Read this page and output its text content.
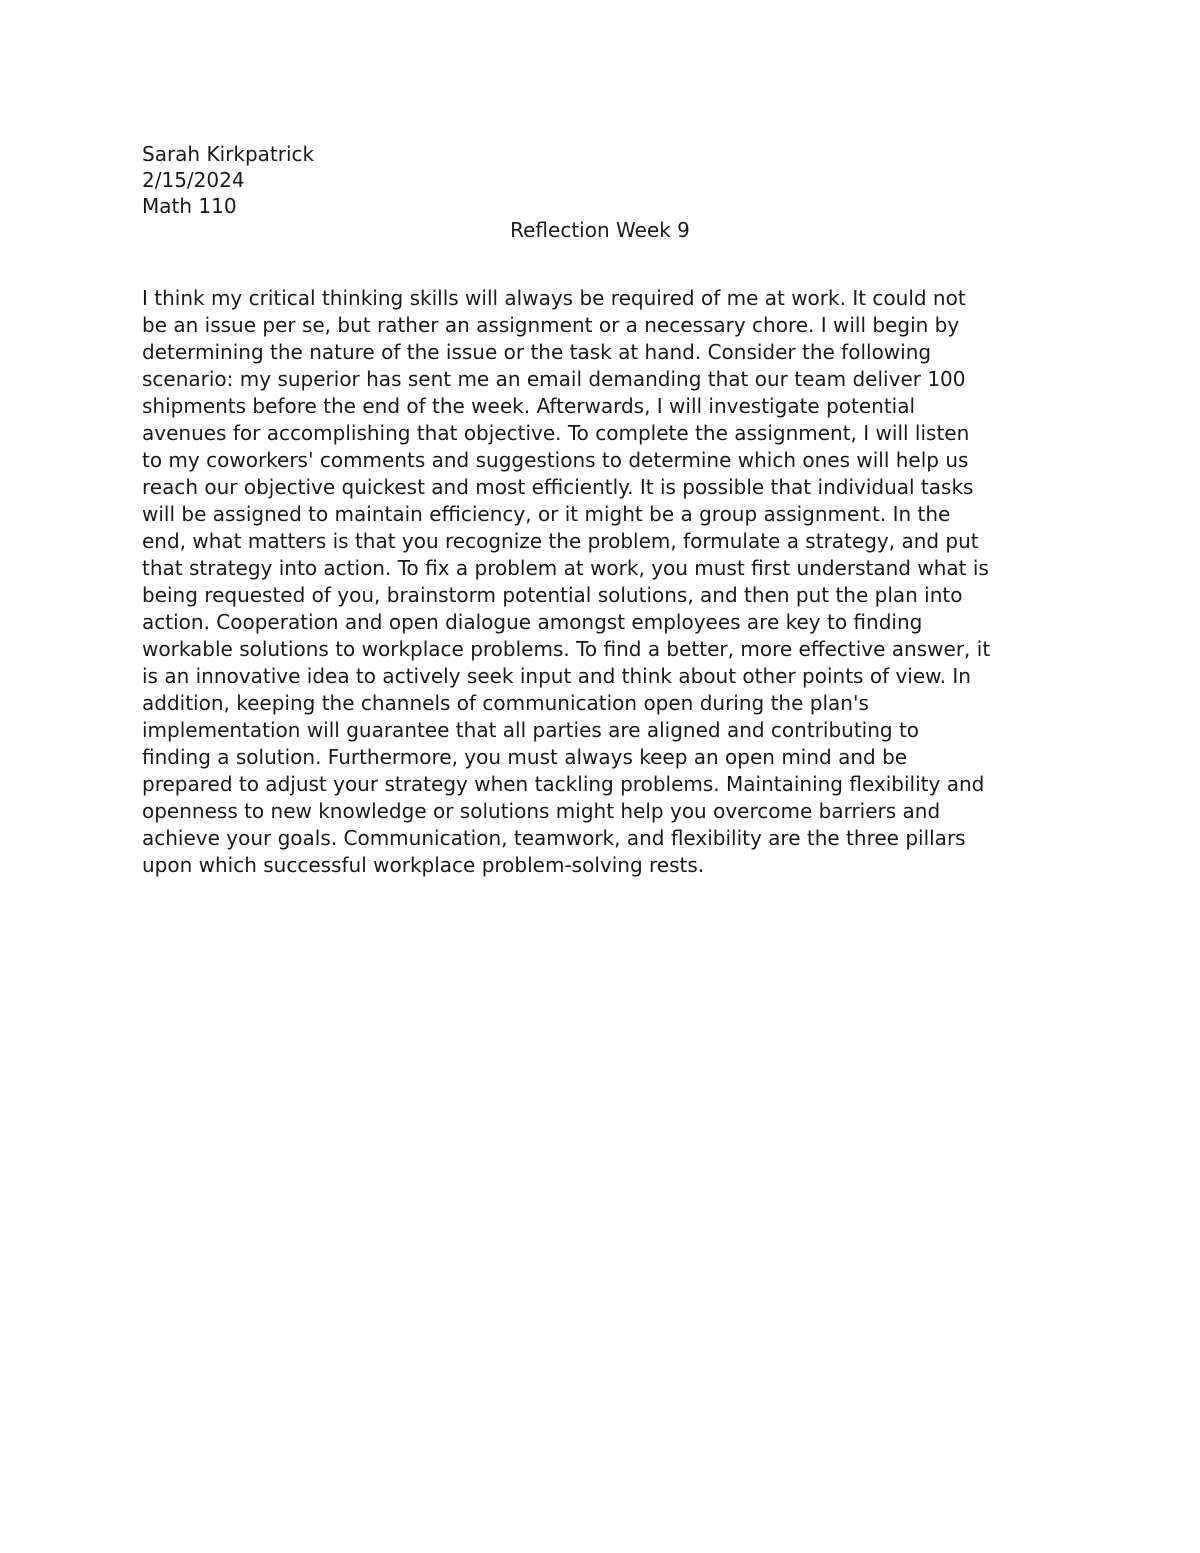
Sarah Kirkpatrick
2/15/2024
Math 110
Reflection Week 9
I think my critical thinking skills will always be required of me at work. It could not
be an issue per se, but rather an assignment or a necessary chore. I will begin by
determining the nature of the issue or the task at hand. Consider the following
scenario: my superior has sent me an email demanding that our team deliver 100
shipments before the end of the week. Afterwards, I will investigate potential
avenues for accomplishing that objective. To complete the assignment, I will listen
to my coworkers' comments and suggestions to determine which ones will help us
reach our objective quickest and most efficiently. It is possible that individual tasks
will be assigned to maintain efficiency, or it might be a group assignment. In the
end, what matters is that you recognize the problem, formulate a strategy, and put
that strategy into action. To fix a problem at work, you must first understand what is
being requested of you, brainstorm potential solutions, and then put the plan into
action. Cooperation and open dialogue amongst employees are key to finding
workable solutions to workplace problems. To find a better, more effective answer, it
is an innovative idea to actively seek input and think about other points of view. In
addition, keeping the channels of communication open during the plan's
implementation will guarantee that all parties are aligned and contributing to
finding a solution. Furthermore, you must always keep an open mind and be
prepared to adjust your strategy when tackling problems. Maintaining flexibility and
openness to new knowledge or solutions might help you overcome barriers and
achieve your goals. Communication, teamwork, and flexibility are the three pillars
upon which successful workplace problem-solving rests.
